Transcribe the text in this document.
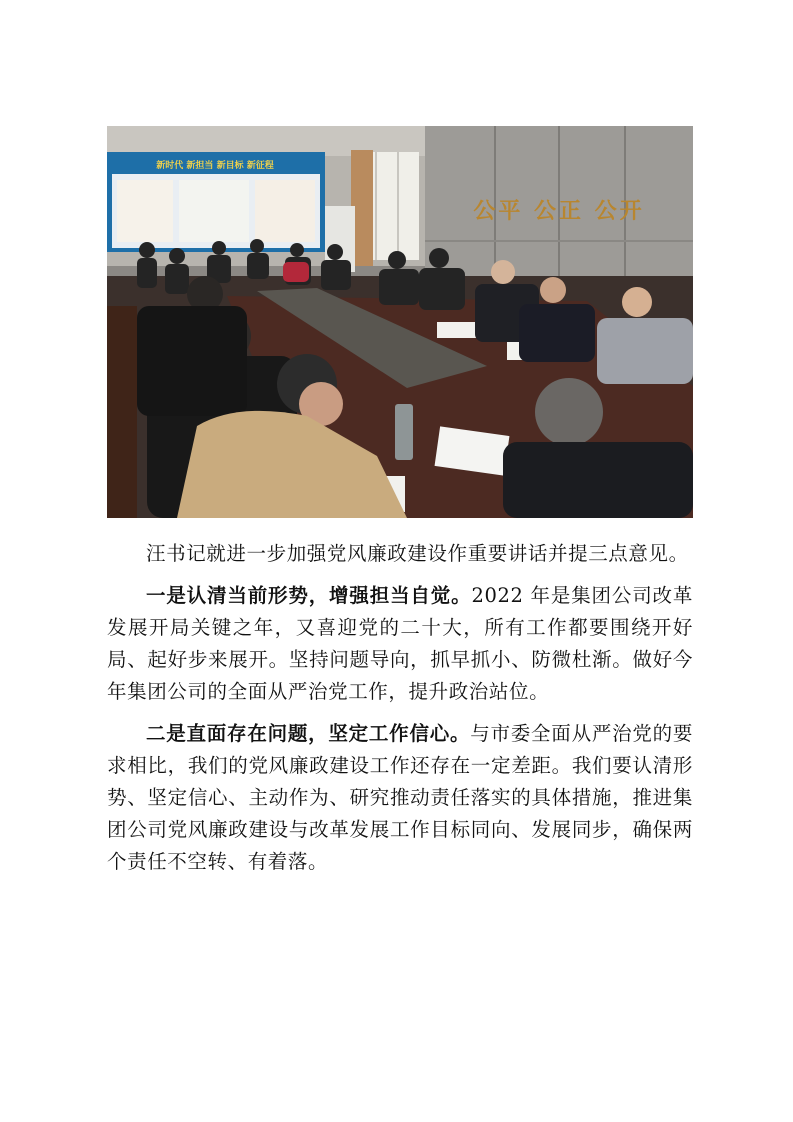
新时代 新担当 新目标 新征程
公平 公正 公开

汪书记就进一步加强党风廉政建设作重要讲话并提三点意见。

一是认清当前形势，增强担当自觉。2022 年是集团公司改革发展开局关键之年，又喜迎党的二十大，所有工作都要围绕开好局、起好步来展开。坚持问题导向，抓早抓小、防微杜渐。做好今年集团公司的全面从严治党工作，提升政治站位。

二是直面存在问题，坚定工作信心。与市委全面从严治党的要求相比，我们的党风廉政建设工作还存在一定差距。我们要认清形势、坚定信心、主动作为、研究推动责任落实的具体措施，推进集团公司党风廉政建设与改革发展工作目标同向、发展同步，确保两个责任不空转、有着落。
